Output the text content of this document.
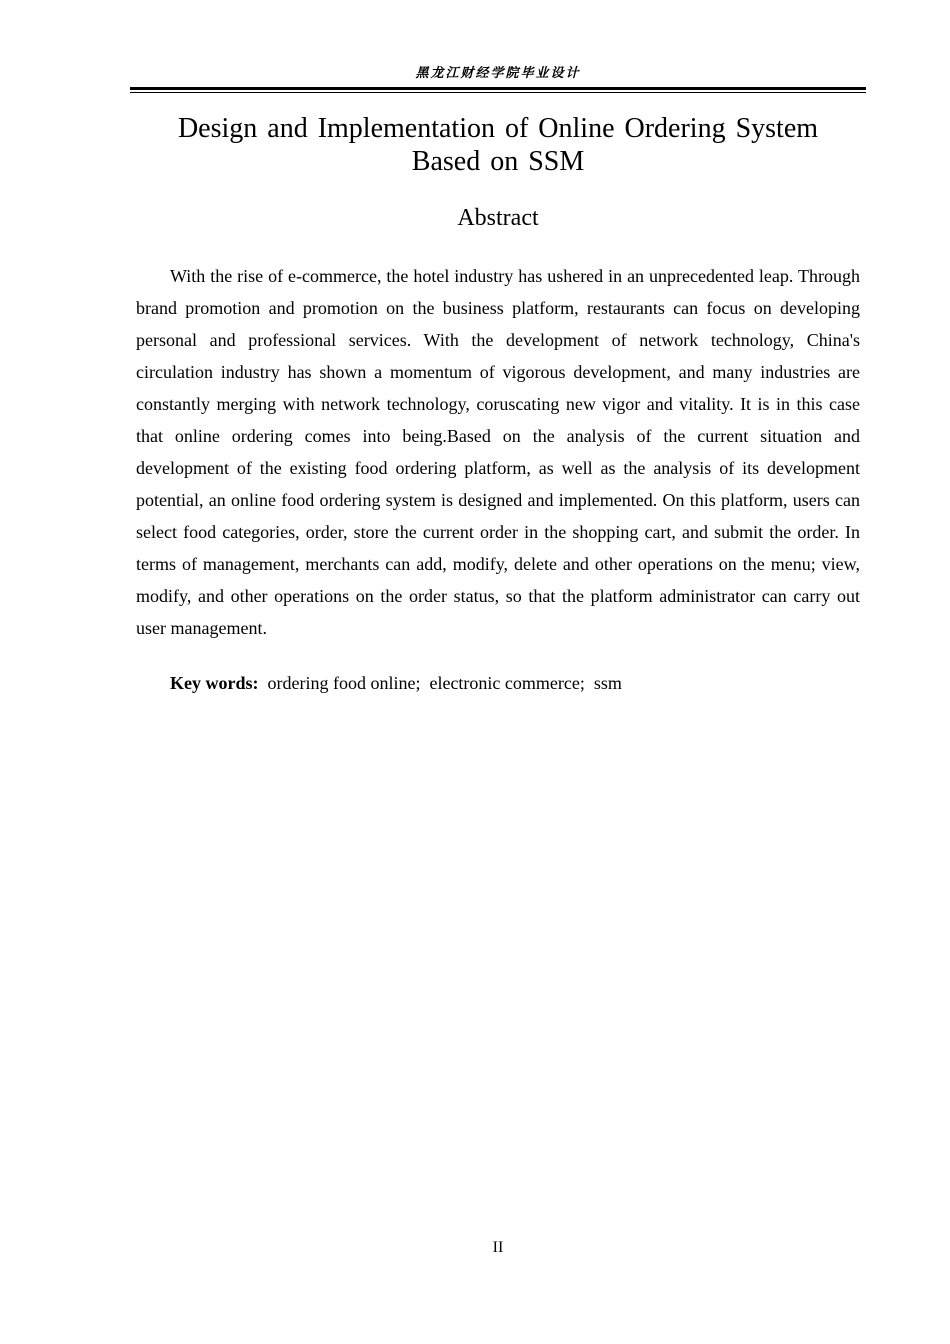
黑龙江财经学院毕业设计
Design and Implementation of Online Ordering System Based on SSM
Abstract

With the rise of e-commerce, the hotel industry has ushered in an unprecedented leap. Through brand promotion and promotion on the business platform, restaurants can focus on developing personal and professional services. With the development of network technology, China's circulation industry has shown a momentum of vigorous development, and many industries are constantly merging with network technology, coruscating new vigor and vitality. It is in this case that online ordering comes into being.Based on the analysis of the current situation and development of the existing food ordering platform, as well as the analysis of its development potential, an online food ordering system is designed and implemented. On this platform, users can select food categories, order, store the current order in the shopping cart, and submit the order. In terms of management, merchants can add, modify, delete and other operations on the menu; view, modify, and other operations on the order status, so that the platform administrator can carry out user management.

Key words: ordering food online;  electronic commerce;  ssm
II
